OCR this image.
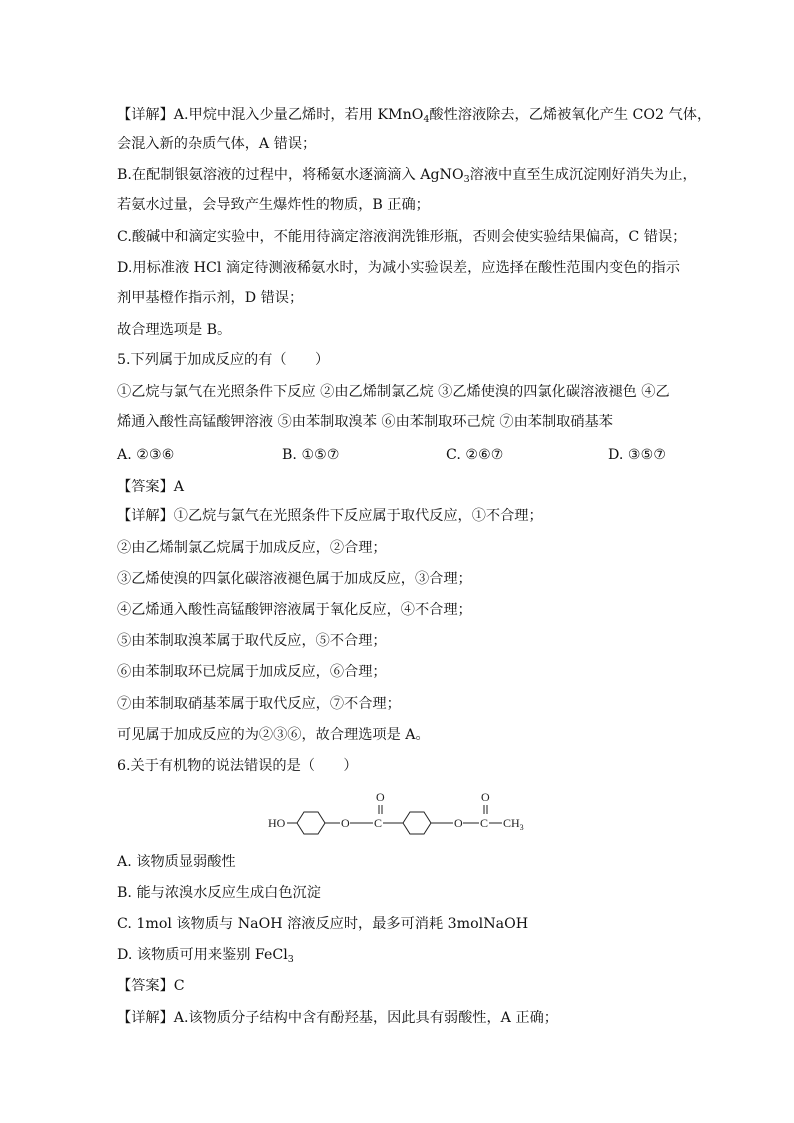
【详解】A.甲烷中混入少量乙烯时，若用 KMnO$_4$酸性溶液除去，乙烯被氧化产生 CO2 气体，
会混入新的杂质气体，A 错误；
B.在配制银氨溶液的过程中，将稀氨水逐滴滴入 AgNO$_3$溶液中直至生成沉淀刚好消失为止，
若氨水过量，会导致产生爆炸性的物质，B 正确；
C.酸碱中和滴定实验中，不能用待滴定溶液润洗锥形瓶，否则会使实验结果偏高，C 错误；
D.用标准液 HCl 滴定待测液稀氨水时，为减小实验误差，应选择在酸性范围内变色的指示
剂甲基橙作指示剂，D 错误；
故合理选项是 B。
5.下列属于加成反应的有（　　）
①乙烷与氯气在光照条件下反应 ②由乙烯制氯乙烷 ③乙烯使溴的四氯化碳溶液褪色 ④乙
烯通入酸性高锰酸钾溶液 ⑤由苯制取溴苯 ⑥由苯制取环己烷 ⑦由苯制取硝基苯
A. ②③⑥	B. ①⑤⑦	C. ②⑥⑦	D. ③⑤⑦
【答案】A
【详解】①乙烷与氯气在光照条件下反应属于取代反应，①不合理；
②由乙烯制氯乙烷属于加成反应，②合理；
③乙烯使溴的四氯化碳溶液褪色属于加成反应，③合理；
④乙烯通入酸性高锰酸钾溶液属于氧化反应，④不合理；
⑤由苯制取溴苯属于取代反应，⑤不合理；
⑥由苯制取环已烷属于加成反应，⑥合理；
⑦由苯制取硝基苯属于取代反应，⑦不合理；
可见属于加成反应的为②③⑥，故合理选项是 A。
6.关于有机物的说法错误的是（　　）
HO	O C
O
O C
O
$CH_3$
A. 该物质显弱酸性
B. 能与浓溴水反应生成白色沉淀
C. 1mol 该物质与 NaOH 溶液反应时，最多可消耗 3molNaOH
D. 该物质可用来鉴别 FeCl$_3$
【答案】C
【详解】A.该物质分子结构中含有酚羟基，因此具有弱酸性，A 正确；
